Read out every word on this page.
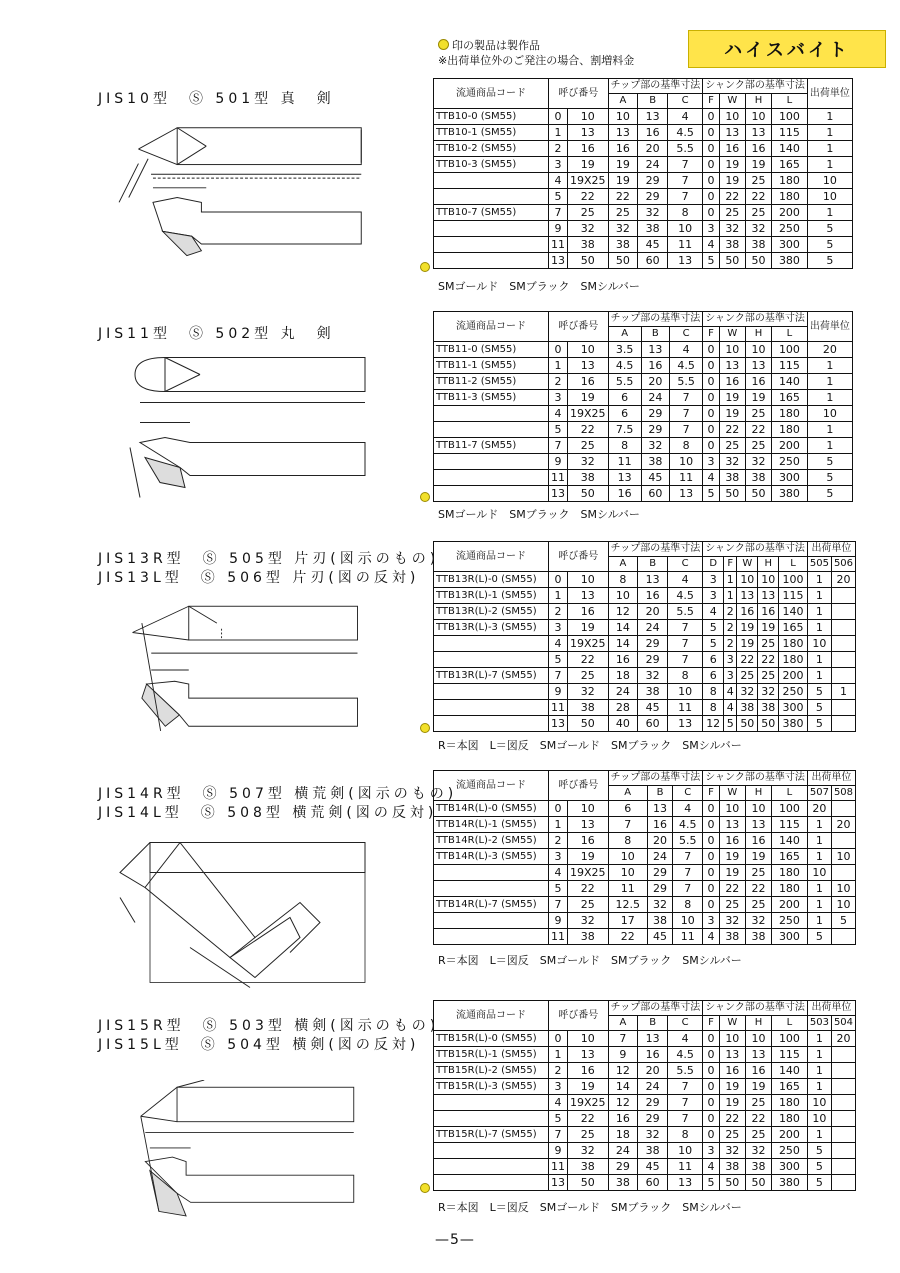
印の製品は製作品
※出荷単位外のご発注の場合、割増料金	ハイスバイト
JIS10型　Ⓢ 501型 真　剣	流通商品コード	呼び番号		チップ部の基準寸法			シャンク部の基準寸法				出荷単位
			A	B	C	F	W	H	L	
TTB10-0 (SM55)	0	10	10	13	4	0	10	10	100	1
TTB10-1 (SM55)	1	13	13	16	4.5	0	13	13	115	1
TTB10-2 (SM55)	2	16	16	20	5.5	0	16	16	140	1
TTB10-3 (SM55)	3	19	19	24	7	0	19	19	165	1
	4	19X25	19	29	7	0	19	25	180	10
	5	22	22	29	7	0	22	22	180	10
TTB10-7 (SM55)	7	25	25	32	8	0	25	25	200	1
	9	32	32	38	10	3	32	32	250	5
	11	38	38	45	11	4	38	38	300	5
	13	50	50	60	13	5	50	50	380	5
SMゴールド　SMブラック　SMシルバー
JIS11型　Ⓢ 502型 丸　剣	流通商品コード	呼び番号		チップ部の基準寸法			シャンク部の基準寸法				出荷単位
			A	B	C	F	W	H	L	
TTB11-0 (SM55)	0	10	3.5	13	4	0	10	10	100	20
TTB11-1 (SM55)	1	13	4.5	16	4.5	0	13	13	115	1
TTB11-2 (SM55)	2	16	5.5	20	5.5	0	16	16	140	1
TTB11-3 (SM55)	3	19	6	24	7	0	19	19	165	1
	4	19X25	6	29	7	0	19	25	180	10
	5	22	7.5	29	7	0	22	22	180	1
TTB11-7 (SM55)	7	25	8	32	8	0	25	25	200	1
	9	32	11	38	10	3	32	32	250	5
	11	38	13	45	11	4	38	38	300	5
	13	50	16	60	13	5	50	50	380	5
SMゴールド　SMブラック　SMシルバー
JIS13R型　Ⓢ 505型 片刃(図示のもの)
JIS13L型　Ⓢ 506型 片刃(図の反対)
流通商品コード	呼び番号		チップ部の基準寸法			シャンク部の基準寸法					出荷単位	
			A	B	C	D	F	W	H	L	505	506
TTB13R(L)-0 (SM55)	0	10	8	13	4	3	1	10	10	100	1	20
TTB13R(L)-1 (SM55)	1	13	10	16	4.5	3	1	13	13	115	1	
TTB13R(L)-2 (SM55)	2	16	12	20	5.5	4	2	16	16	140	1	
TTB13R(L)-3 (SM55)	3	19	14	24	7	5	2	19	19	165	1	
	4	19X25	14	29	7	5	2	19	25	180	10	
	5	22	16	29	7	6	3	22	22	180	1	
TTB13R(L)-7 (SM55)	7	25	18	32	8	6	3	25	25	200	1	
	9	32	24	38	10	8	4	32	32	250	5	1
	11	38	28	45	11	8	4	38	38	300	5	
	13	50	40	60	13	12	5	50	50	380	5	
R＝本図　L＝図反　SMゴールド　SMブラック　SMシルバー
JIS14R型　Ⓢ 507型 横荒剣(図示のもの)
JIS14L型　Ⓢ 508型 横荒剣(図の反対)
流通商品コード	呼び番号		チップ部の基準寸法			シャンク部の基準寸法				出荷単位	
			A	B	C	F	W	H	L	507	508
TTB14R(L)-0 (SM55)	0	10	6	13	4	0	10	10	100	20	
TTB14R(L)-1 (SM55)	1	13	7	16	4.5	0	13	13	115	1	20
TTB14R(L)-2 (SM55)	2	16	8	20	5.5	0	16	16	140	1	
TTB14R(L)-3 (SM55)	3	19	10	24	7	0	19	19	165	1	10
	4	19X25	10	29	7	0	19	25	180	10	
	5	22	11	29	7	0	22	22	180	1	10
TTB14R(L)-7 (SM55)	7	25	12.5	32	8	0	25	25	200	1	10
	9	32	17	38	10	3	32	32	250	1	5
	11	38	22	45	11	4	38	38	300	5	
R＝本図　L＝図反　SMゴールド　SMブラック　SMシルバー
JIS15R型　Ⓢ 503型 横剣(図示のもの)
JIS15L型　Ⓢ 504型 横剣(図の反対)
流通商品コード	呼び番号		チップ部の基準寸法			シャンク部の基準寸法				出荷単位	
			A	B	C	F	W	H	L	503	504
TTB15R(L)-0 (SM55)	0	10	7	13	4	0	10	10	100	1	20
TTB15R(L)-1 (SM55)	1	13	9	16	4.5	0	13	13	115	1	
TTB15R(L)-2 (SM55)	2	16	12	20	5.5	0	16	16	140	1	
TTB15R(L)-3 (SM55)	3	19	14	24	7	0	19	19	165	1	
	4	19X25	12	29	7	0	19	25	180	10	
	5	22	16	29	7	0	22	22	180	10	
TTB15R(L)-7 (SM55)	7	25	18	32	8	0	25	25	200	1	
	9	32	24	38	10	3	32	32	250	5	
	11	38	29	45	11	4	38	38	300	5	
	13	50	38	60	13	5	50	50	380	5	
R＝本図　L＝図反　SMゴールド　SMブラック　SMシルバー
—5—
